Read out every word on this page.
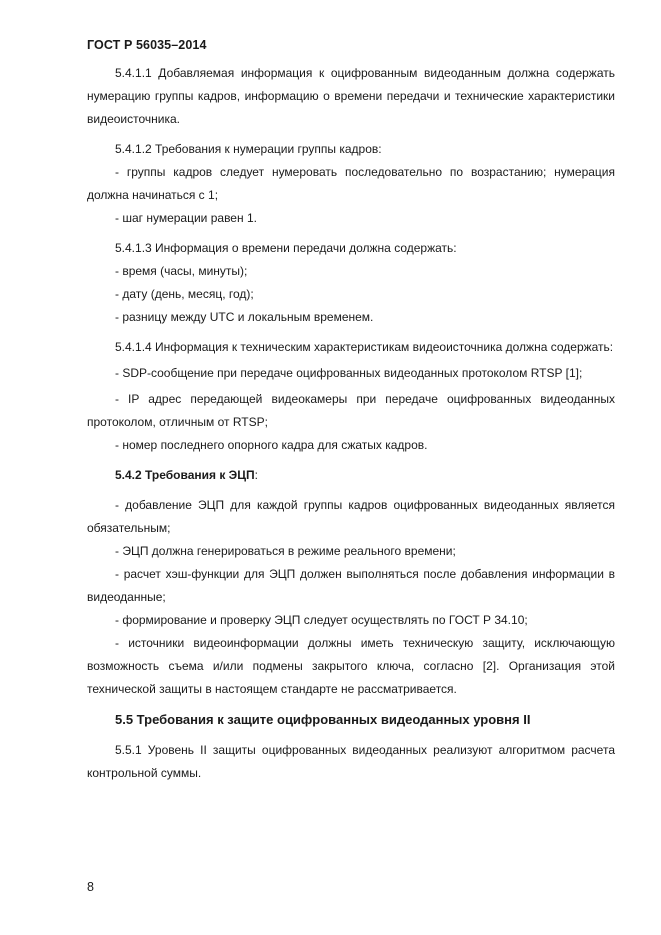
ГОСТ Р 56035–2014

5.4.1.1 Добавляемая информация к оцифрованным видеоданным должна содержать нумерацию группы кадров, информацию о времени передачи и технические характеристики видеоисточника.

5.4.1.2 Требования к нумерации группы кадров:

- группы кадров следует нумеровать последовательно по возрастанию; нумерация должна начинаться с 1;

- шаг нумерации равен 1.

5.4.1.3 Информация о времени передачи должна содержать:

- время (часы, минуты);

- дату (день, месяц, год);

- разницу между UTC и локальным временем.

5.4.1.4 Информация к техническим характеристикам видеоисточника должна содержать:

- SDP-сообщение при передаче оцифрованных видеоданных протоколом RTSP [1];

- IP адрес передающей видеокамеры при передаче оцифрованных видеоданных протоколом, отличным от RTSP;

- номер последнего опорного кадра для сжатых кадров.

5.4.2 Требования к ЭЦП:

- добавление ЭЦП для каждой группы кадров оцифрованных видеоданных является обязательным;

- ЭЦП должна генерироваться в режиме реального времени;

- расчет хэш-функции для ЭЦП должен выполняться после добавления информации в видеоданные;

- формирование и проверку ЭЦП следует осуществлять по ГОСТ Р 34.10;

- источники видеоинформации должны иметь техническую защиту, исключающую возможность съема и/или подмены закрытого ключа, согласно [2]. Организация этой технической защиты в настоящем стандарте не рассматривается.

5.5 Требования к защите оцифрованных видеоданных уровня II

5.5.1 Уровень II защиты оцифрованных видеоданных реализуют алгоритмом расчета контрольной суммы.

8
